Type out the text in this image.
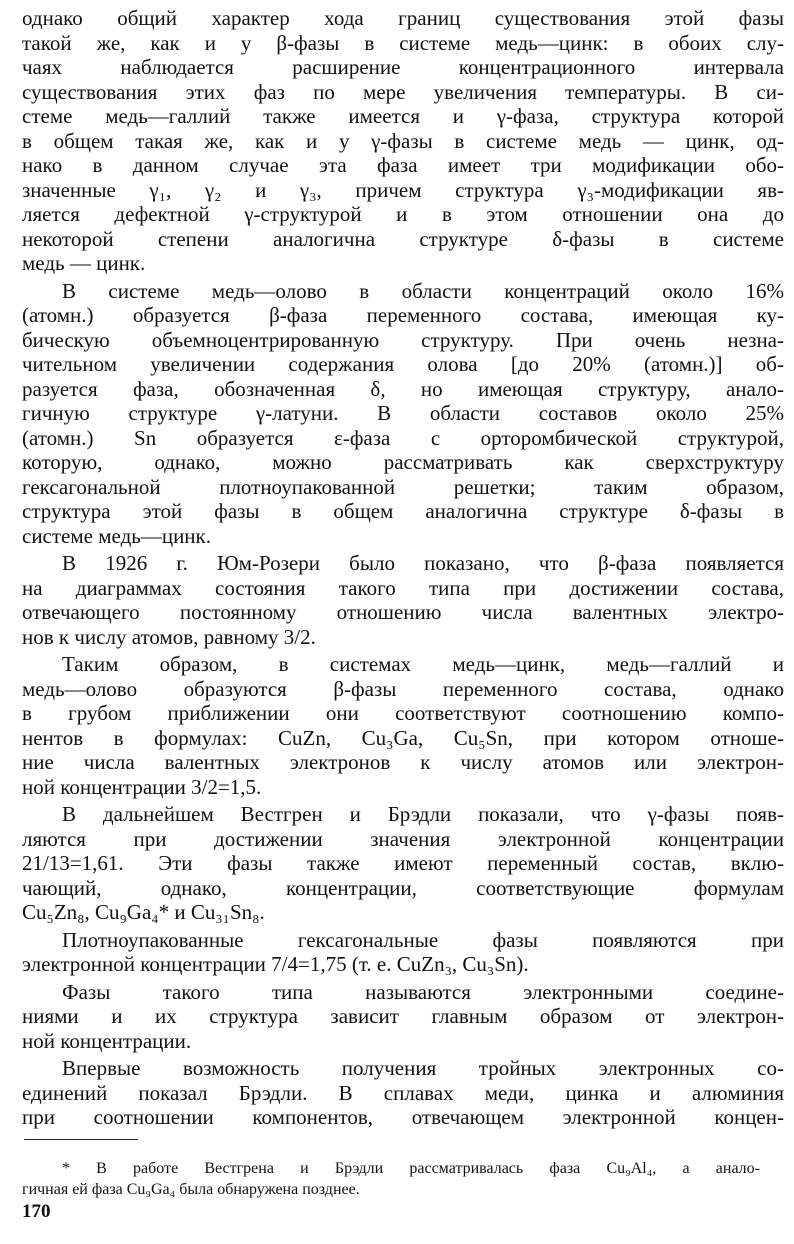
однако общий характер хода границ существования этой фазы
такой же, как и у β-фазы в системе медь—цинк: в обоих слу-
чаях наблюдается расширение концентрационного интервала
существования этих фаз по мере увеличения температуры. В си-
стеме медь—галлий также имеется и γ-фаза, структура которой
в общем такая же, как и у γ-фазы в системе медь — цинк, од-
нако в данном случае эта фаза имеет три модификации обо-
значенные γ₁, γ₂ и γ₃, причем структура γ₃-модификации яв-
ляется дефектной γ-структурой и в этом отношении она до
некоторой степени аналогична структуре δ-фазы в системе
медь — цинк.
В системе медь—олово в области концентраций около 16%
(атомн.) образуется β-фаза переменного состава, имеющая ку-
бическую объемноцентрированную структуру. При очень незна-
чительном увеличении содержания олова [до 20% (атомн.)] об-
разуется фаза, обозначенная δ, но имеющая структуру, анало-
гичную структуре γ-латуни. В области составов около 25%
(атомн.) Sn образуется ε-фаза с орторомбической структурой,
которую, однако, можно рассматривать как сверхструктуру
гексагональной плотноупакованной решетки; таким образом,
структура этой фазы в общем аналогична структуре δ-фазы в
системе медь—цинк.
В 1926 г. Юм-Розери было показано, что β-фаза появляется
на диаграммах состояния такого типа при достижении состава,
отвечающего постоянному отношению числа валентных электро-
нов к числу атомов, равному 3/2.
Таким образом, в системах медь—цинк, медь—галлий и
медь—олово образуются β-фазы переменного состава, однако
в грубом приближении они соответствуют соотношению компо-
нентов в формулах: CuZn, Cu₃Ga, Cu₅Sn, при котором отноше-
ние числа валентных электронов к числу атомов или электрон-
ной концентрации 3/2=1,5.
В дальнейшем Вестгрен и Брэдли показали, что γ-фазы появ-
ляются при достижении значения электронной концентрации
21/13=1,61. Эти фазы также имеют переменный состав, вклю-
чающий, однако, концентрации, соответствующие формулам
Cu₅Zn₈, Cu₉Ga₄* и Cu₃₁Sn₈.
Плотноупакованные гексагональные фазы появляются при
электронной концентрации 7/4=1,75 (т. е. CuZn₃, Cu₃Sn).
Фазы такого типа называются электронными соедине-
ниями и их структура зависит главным образом от электрон-
ной концентрации.
Впервые возможность получения тройных электронных со-
единений показал Брэдли. В сплавах меди, цинка и алюминия
при соотношении компонентов, отвечающем электронной концен-
* В работе Вестгрена и Брэдли рассматривалась фаза Cu₉Al₄, а анало-
гичная ей фаза Cu₉Ga₄ была обнаружена позднее.
170
